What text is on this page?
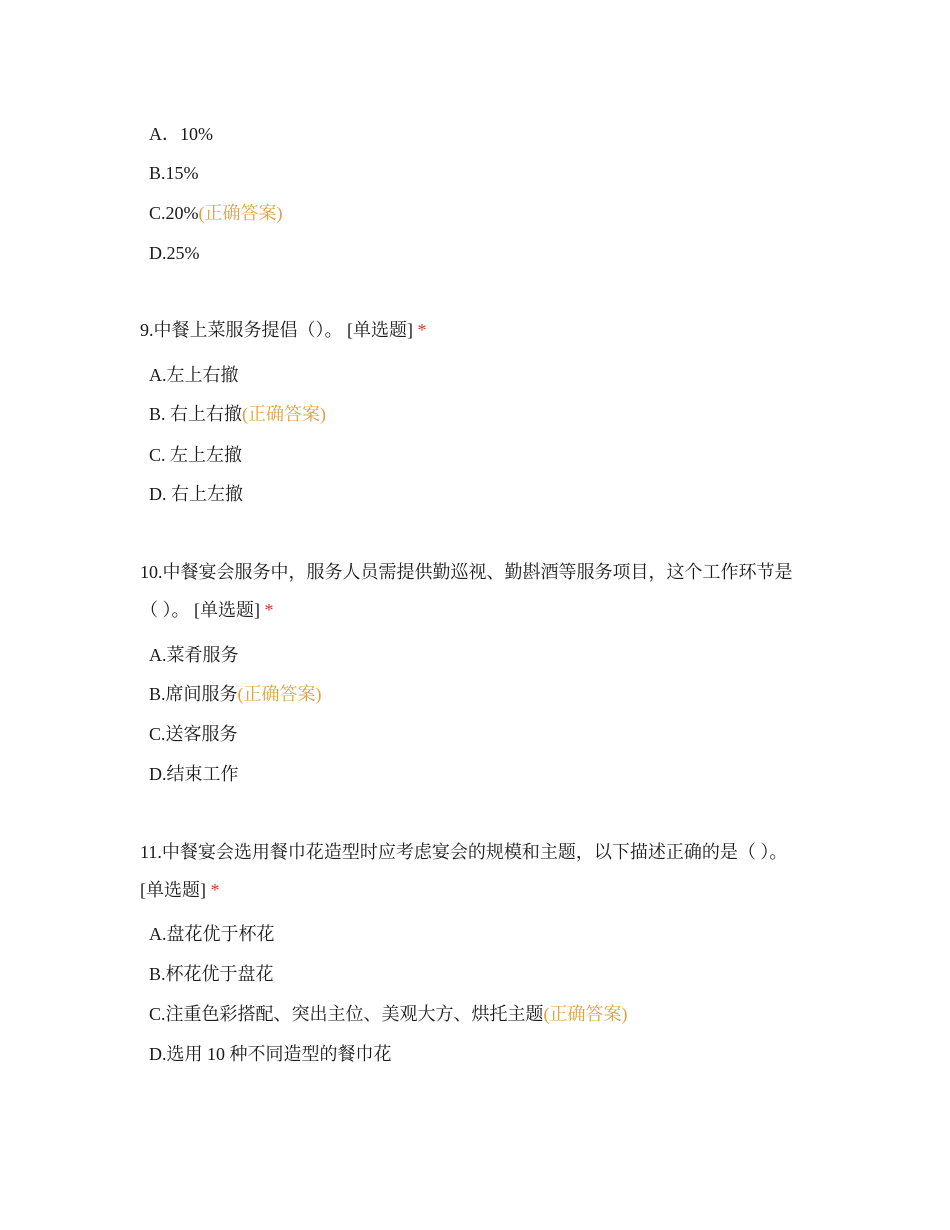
A．10%
B.15%
C.20%(正确答案)
D.25%
9.中餐上菜服务提倡（）。 [单选题] *
A.左上右撤
B. 右上右撤(正确答案)
C. 左上左撤
D. 右上左撤
10.中餐宴会服务中，服务人员需提供勤巡视、勤斟酒等服务项目，这个工作环节是（ ）。 [单选题] *
A.菜肴服务
B.席间服务(正确答案)
C.送客服务
D.结束工作
11.中餐宴会选用餐巾花造型时应考虑宴会的规模和主题，以下描述正确的是（ ）。 [单选题] *
A.盘花优于杯花
B.杯花优于盘花
C.注重色彩搭配、突出主位、美观大方、烘托主题(正确答案)
D.选用 10 种不同造型的餐巾花
